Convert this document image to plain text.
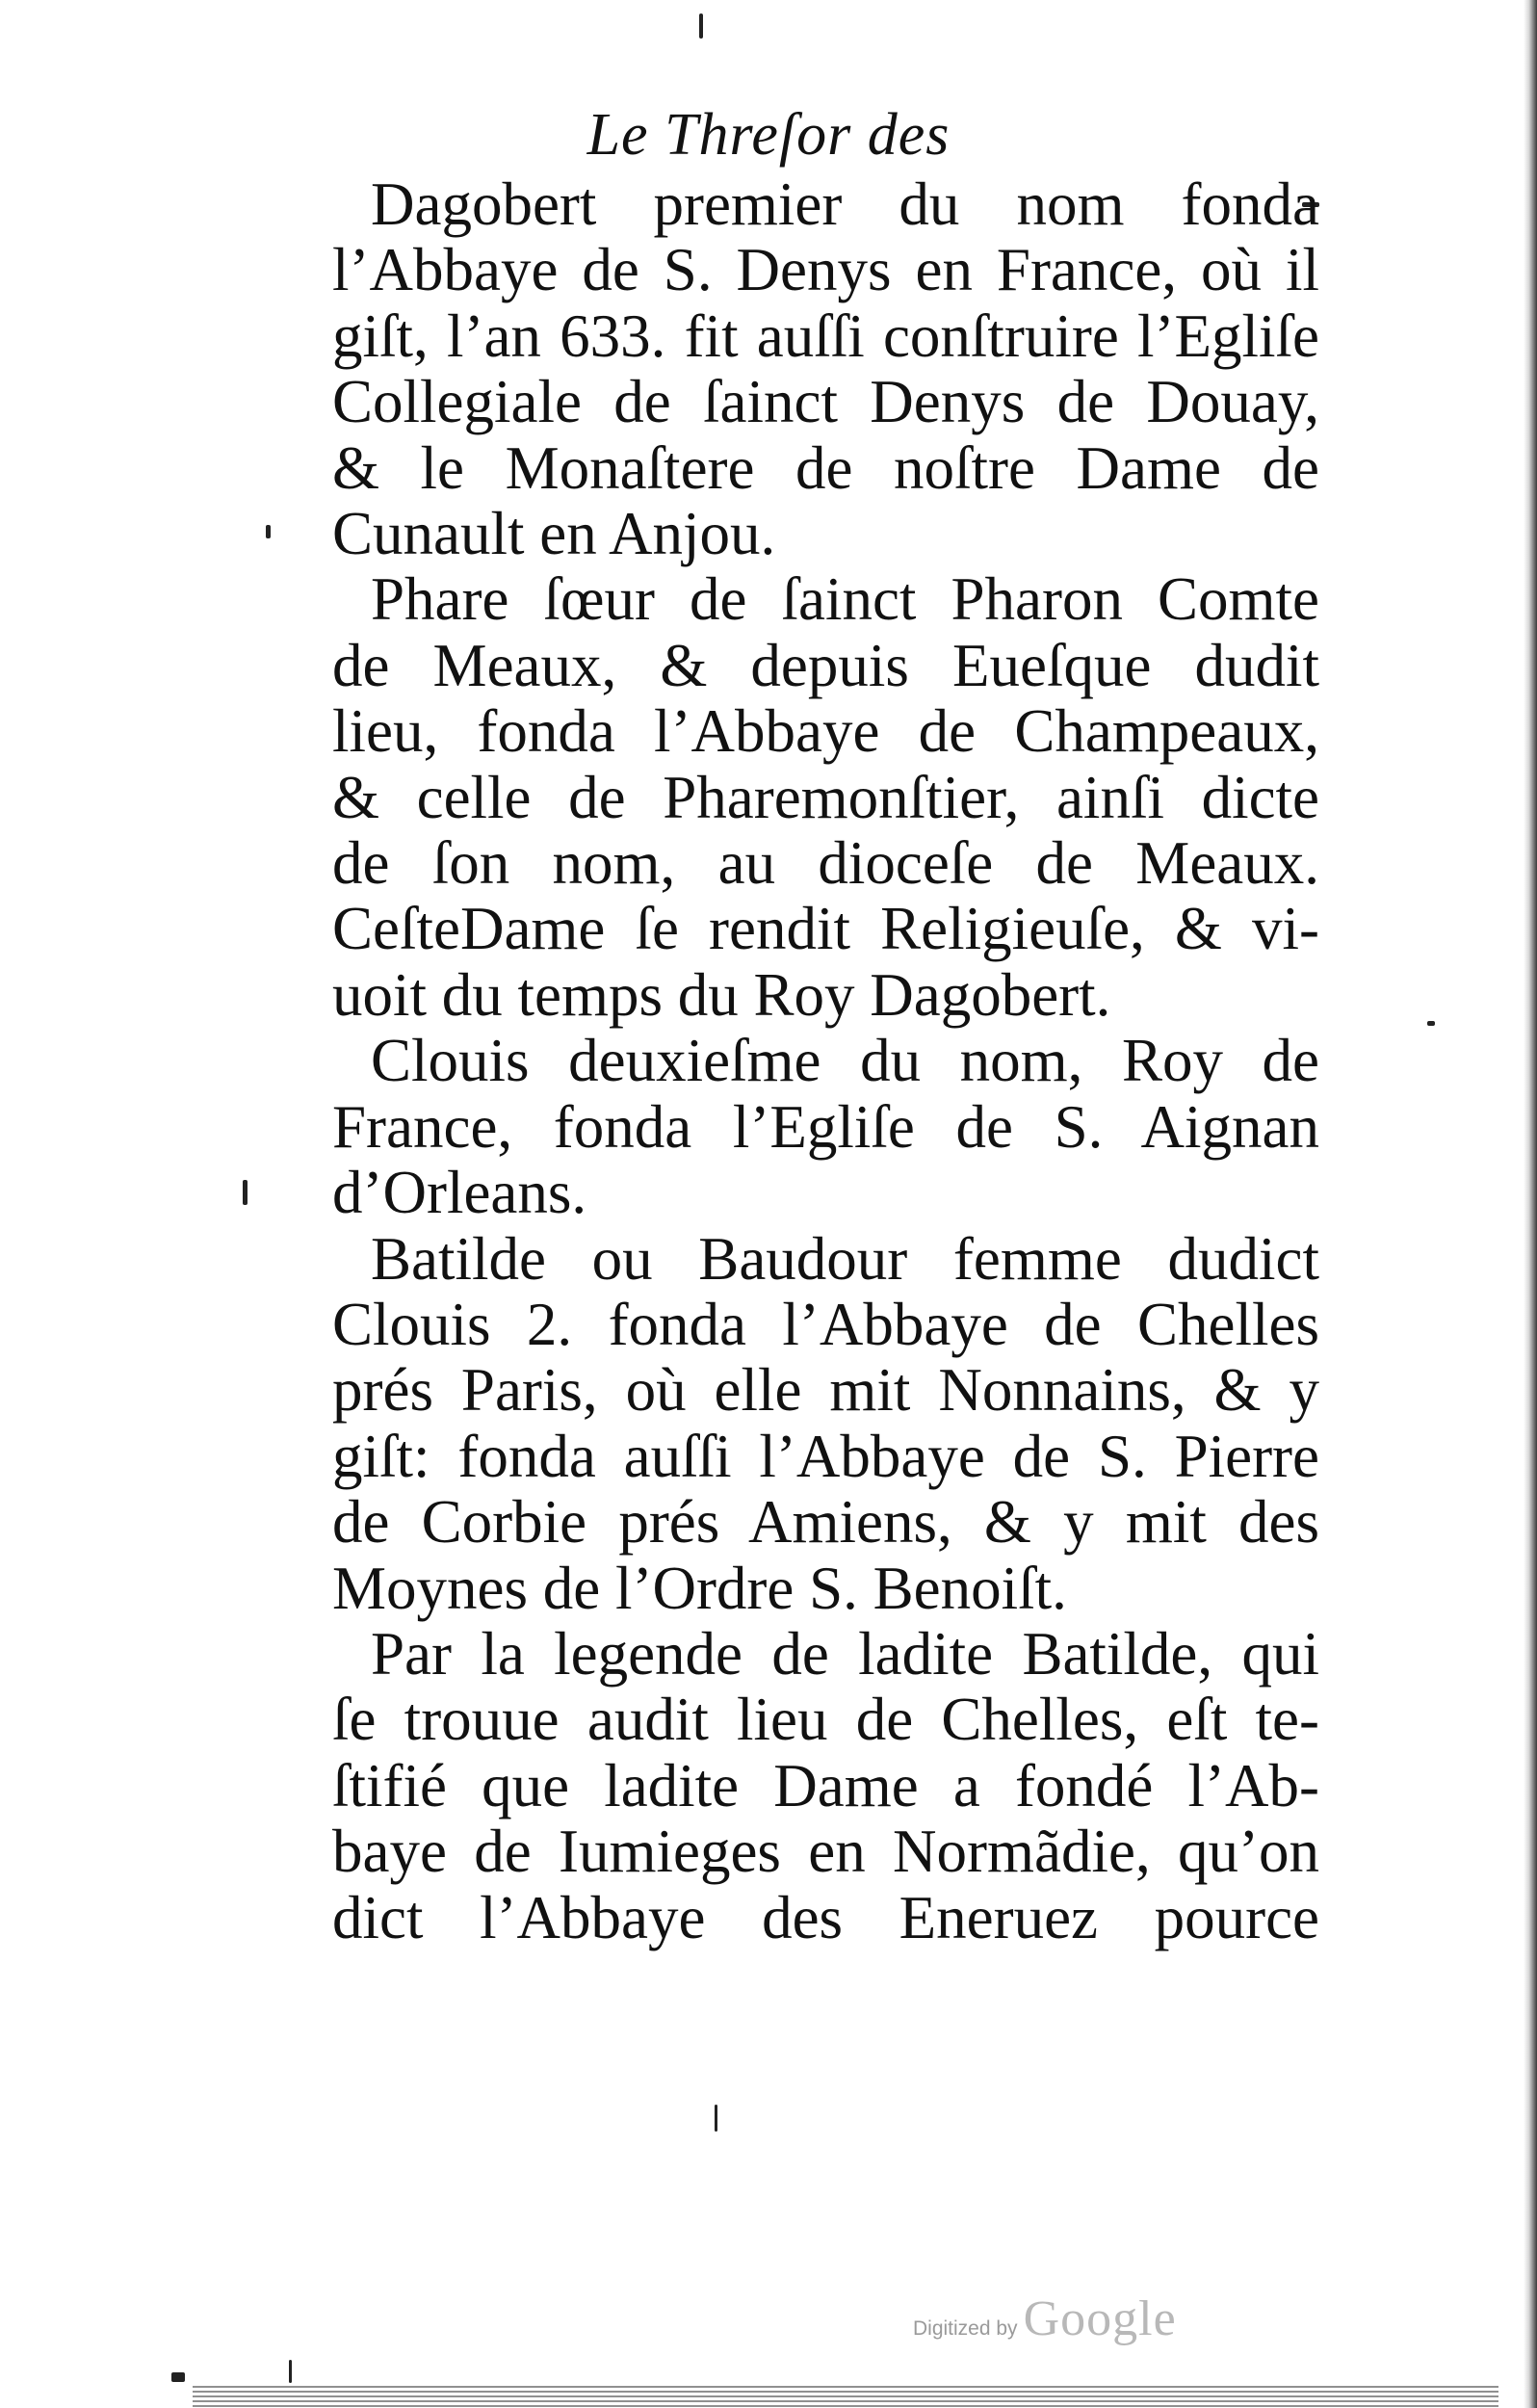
Le Threſor des

Dagobert premier du nom fonda
l’Abbaye de S. Denys en France, où il
giſt, l’an 633. fit auſſi conſtruire l’Egliſe
Collegiale de ſainct Denys de Douay,
& le Monaſtere de noſtre Dame de
Cunault en Anjou.

Phare ſœur de ſainct Pharon Comte
de Meaux, & depuis Eueſque dudit
lieu, fonda l’Abbaye de Champeaux,
& celle de Pharemonſtier, ainſi dicte
de ſon nom, au dioceſe de Meaux.
CeſteDame ſe rendit Religieuſe, & vi-
uoit du temps du Roy Dagobert.

Clouis deuxieſme du nom, Roy de
France, fonda l’Egliſe de S. Aignan
d’Orleans.

Batilde ou Baudour femme dudict
Clouis 2. fonda l’Abbaye de Chelles
prés Paris, où elle mit Nonnains, & y
giſt: fonda auſſi l’Abbaye de S. Pierre
de Corbie prés Amiens, & y mit des
Moynes de l’Ordre S. Benoiſt.

Par la legende de ladite Batilde, qui
ſe trouue audit lieu de Chelles, eſt te-
ſtifié que ladite Dame a fondé l’Ab-
baye de Iumieges en Normãdie, qu’on
dict l’Abbaye des Eneruez pource

Digitized by Google
